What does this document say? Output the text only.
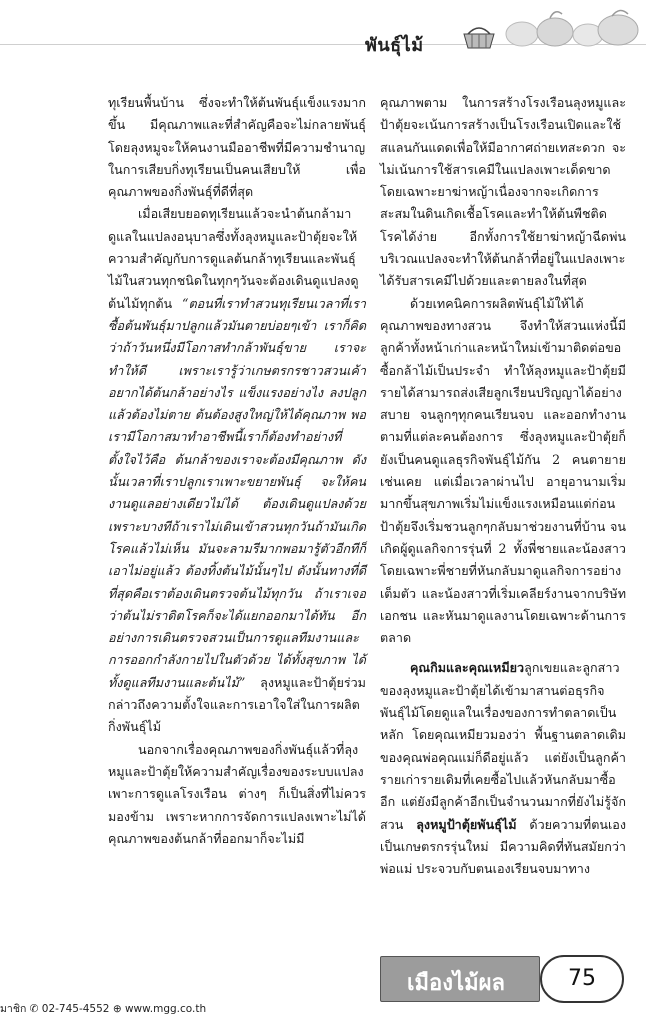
พันธุ์ไม้

ทุเรียนพื้นบ้าน ซึ่งจะทำให้ต้นพันธุ์แข็งแรงมากขึ้น มีคุณภาพและที่สำคัญคือจะไม่กลายพันธุ์ โดยลุงหมูจะให้คนงานมืออาชีพที่มีความชำนาญในการเสียบกิ่งทุเรียนเป็นคนเสียบให้ เพื่อคุณภาพของกิ่งพันธุ์ที่ดีที่สุด

เมื่อเสียบยอดทุเรียนแล้วจะนำต้นกล้ามาดูแลในแปลงอนุบาลซึ่งทั้งลุงหมูและป้าตุ้ยจะให้ความสำคัญกับการดูแลต้นกล้าทุเรียนและพันธุ์ไม้ในสวนทุกชนิดในทุกๆวันจะต้องเดินดูแปลงดูต้นไม้ทุกต้น “ตอนที่เราทำสวนทุเรียนเวลาที่เราซื้อต้นพันธุ์มาปลูกแล้วมันตายบ่อยๆเข้า เราก็คิดว่าถ้าวันหนึ่งมีโอกาสทำกล้าพันธุ์ขาย เราจะทำให้ดี เพราะเรารู้ว่าเกษตรกรชาวสวนเค้าอยากได้ต้นกล้าอย่างไร แข็งแรงอย่างไง ลงปลูกแล้วต้องไม่ตาย ต้นต้องสูงใหญ่ให้ได้คุณภาพ พอเรามีโอกาสมาทำอาชีพนี้เราก็ต้องทำอย่างที่ตั้งใจไว้คือ ต้นกล้าของเราจะต้องมีคุณภาพ ดังนั้นเวลาที่เราปลูกเราเพาะขยายพันธุ์ จะให้คนงานดูแลอย่างเดียวไม่ได้ ต้องเดินดูแปลงด้วยเพราะบางทีถ้าเราไม่เดินเข้าสวนทุกวันถ้ามันเกิดโรคแล้วไม่เห็น มันจะลามรีมากพอมารู้ตัวอีกทีก็เอาไม่อยู่แล้ว ต้องทิ้งต้นไม้นั้นๆไป ดังนั้นทางที่ดีที่สุดคือเราต้องเดินตรวจต้นไม้ทุกวัน ถ้าเราเจอว่าต้นไม่ราดิตโรคก็จะได้แยกออกมาได้ทัน อีกอย่างการเดินตรวจสวนเป็นการดูแลทีมงานและการออกกำลังกายไปในตัวด้วย ได้ทั้งสุขภาพ ได้ทั้งดูแลทีมงานและต้นไม้” ลุงหมูและป้าตุ้ยร่วมกล่าวถึงความตั้งใจและการเอาใจใส่ในการผลิตกิ่งพันธุ์ไม้

นอกจากเรื่องคุณภาพของกิ่งพันธุ์แล้วที่ลุงหมูและป้าตุ้ยให้ความสำคัญเรื่องของระบบแปลงเพาะการดูแลโรงเรือน ต่างๆ ก็เป็นสิ่งที่ไม่ควรมองข้าม เพราะหากการจัดการแปลงเพาะไม่ได้คุณภาพของต้นกล้าที่ออกมาก็จะไม่มี

คุณภาพตาม ในการสร้างโรงเรือนลุงหมูและป้าตุ้ยจะเน้นการสร้างเป็นโรงเรือนเปิดและใช้สแลนกันแดดเพื่อให้มีอากาศถ่ายเทสะดวก จะไม่เน้นการใช้สารเคมีในแปลงเพาะเด็ดขาด โดยเฉพาะยาฆ่าหญ้าเนื่องจากจะเกิดการสะสมในดินเกิดเชื้อโรคและทำให้ต้นพืชติดโรคได้ง่าย อีกทั้งการใช้ยาฆ่าหญ้าฉีดพ่นบริเวณแปลงจะทำให้ต้นกล้าที่อยู่ในแปลงเพาะได้รับสารเคมีไปด้วยและตายลงในที่สุด

ด้วยเทคนิคการผลิตพันธุ์ไม้ให้ได้คุณภาพของทางสวน จึงทำให้สวนแห่งนี้มีลูกค้าทั้งหน้าเก่าและหน้าใหม่เข้ามาติดต่อขอซื้อกล้าไม้เป็นประจำ ทำให้ลุงหมูและป้าตุ้ยมีรายได้สามารถส่งเสียลูกเรียนปริญญาได้อย่างสบาย จนลูกๆทุกคนเรียนจบ และออกทำงานตามที่แต่ละคนต้องการ ซึ่งลุงหมูและป้าตุ้ยก็ยังเป็นคนดูแลธุรกิจพันธุ์ไม้กัน 2 คนตายาย เช่นเคย แต่เมื่อเวลาผ่านไป อายุอานามเริ่มมากขึ้นสุขภาพเริ่มไม่แข็งแรงเหมือนแต่ก่อน ป้าตุ้ยจึงเริ่มชวนลูกๆกลับมาช่วยงานที่บ้าน จนเกิดผู้ดูแลกิจการรุ่นที่ 2 ทั้งพี่ชายและน้องสาวโดยเฉพาะพี่ชายที่หันกลับมาดูแลกิจการอย่างเต็มตัว และน้องสาวที่เริ่มเคลียร์งานจากบริษัทเอกชน และหันมาดูแลงานโดยเฉพาะด้านการตลาด

คุณกิมและคุณเหมียวลูกเขยและลูกสาวของลุงหมูและป้าตุ้ยได้เข้ามาสานต่อธุรกิจพันธุ์ไม้โดยดูแลในเรื่องของการทำตลาดเป็นหลัก โดยคุณเหมียวมองว่า พื้นฐานตลาดเดิมของคุณพ่อคุณแม่ก็ดีอยู่แล้ว แต่ยังเป็นลูกค้ารายเก่ารายเดิมที่เคยซื้อไปแล้วหันกลับมาซื้ออีก แต่ยังมีลูกค้าอีกเป็นจำนวนมากที่ยังไม่รู้จักสวน ลุงหมูป้าตุ้ยพันธุ์ไม้ ด้วยความที่ตนเองเป็นเกษตรกรรุ่นใหม่ มีความคิดที่ทันสมัยกว่าพ่อแม่ ประจวบกับตนเองเรียนจบมาทาง

เมืองไม้ผล	75
มาชิก ✆ 02-745-4552 ⊕ www.mgg.co.th
